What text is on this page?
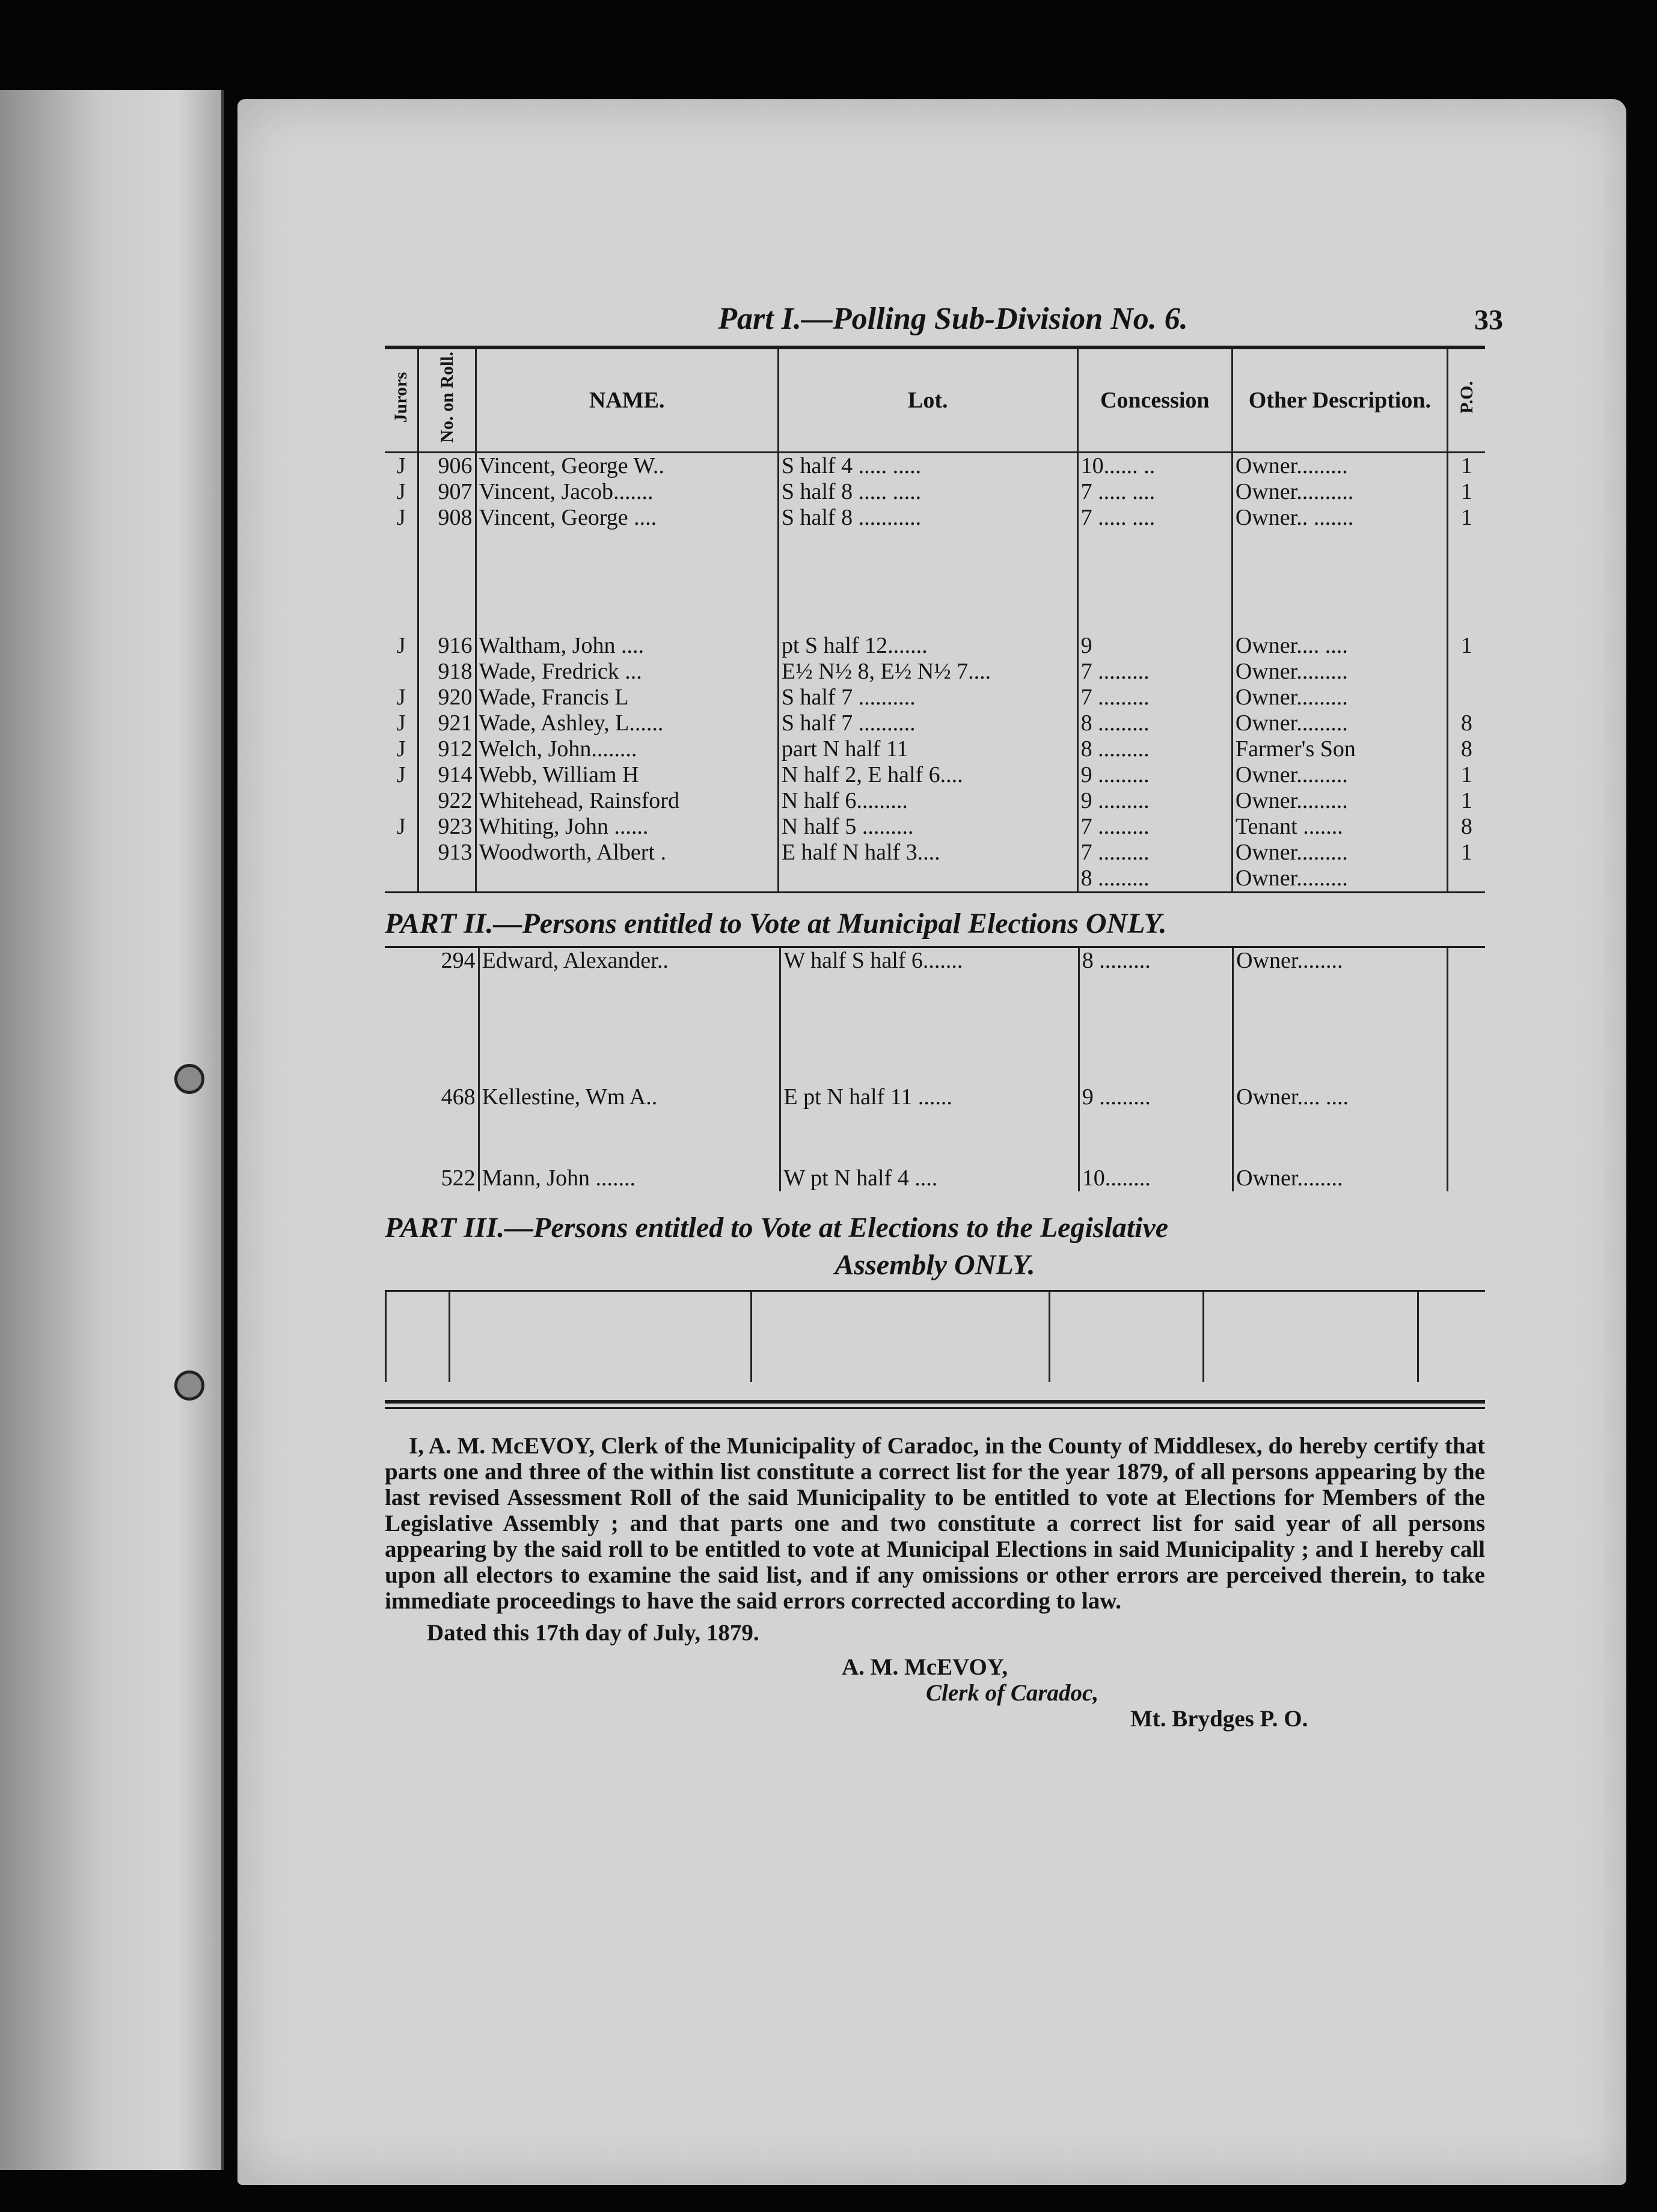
Part I.—Polling Sub-Division No. 6.	33
Jurors	No. on Roll.	NAME.	Lot.	Concession	Other Description.	P.O.
J	906	Vincent, George W..	S half 4 ..... .....	10...... ..	Owner.........	1
J	907	Vincent, Jacob.......	S half 8 ..... .....	7 ..... ....	Owner..........	1
J	908	Vincent, George ....	S half 8 ...........	7 ..... ....	Owner.. .......	1

J	916	Waltham, John ....	pt S half 12.......	9	Owner.... ....	1
	918	Wade, Fredrick ...	E½ N½ 8, E½ N½ 7....	7 .........	Owner.........	
J	920	Wade, Francis L	S half 7 ..........	7 .........	Owner.........	
J	921	Wade, Ashley, L......	S half 7 ..........	8 .........	Owner.........	8
J	912	Welch, John........	part N half 11	8 .........	Farmer's Son	8
J	914	Webb, William H	N half 2, E half 6....	9 .........	Owner.........	1
	922	Whitehead, Rainsford	N half 6.........	9 .........	Owner.........	1
J	923	Whiting, John ......	N half 5 .........	7 .........	Tenant .......	8
	913	Woodworth, Albert .	E half N half 3....	7 .........	Owner.........	1
				8 .........	Owner.........	
PART II.—Persons entitled to Vote at Municipal Elections ONLY.
294	Edward, Alexander..	W half S half 6.......	8 .........	Owner........	
468	Kellestine, Wm A..	E pt N half 11 ......	9 .........	Owner.... ....	
522	Mann, John .......	W pt N half 4 ....	10........	Owner........	
PART III.—Persons entitled to Vote at Elections to the Legislative
Assembly ONLY.

I, A. M. McEVOY, Clerk of the Municipality of Caradoc, in the County of Middlesex, do hereby certify that parts one and three of the within list constitute a correct list for the year 1879, of all persons appearing by the last revised Assessment Roll of the said Municipality to be entitled to vote at Elections for Members of the Legislative Assembly ; and that parts one and two constitute a correct list for said year of all persons appearing by the said roll to be entitled to vote at Municipal Elections in said Municipality ; and I hereby call upon all electors to examine the said list, and if any omissions or other errors are perceived therein, to take immediate proceedings to have the said errors corrected according to law.

Dated this 17th day of July, 1879.
A. M. McEVOY,
Clerk of Caradoc,
Mt. Brydges P. O.
